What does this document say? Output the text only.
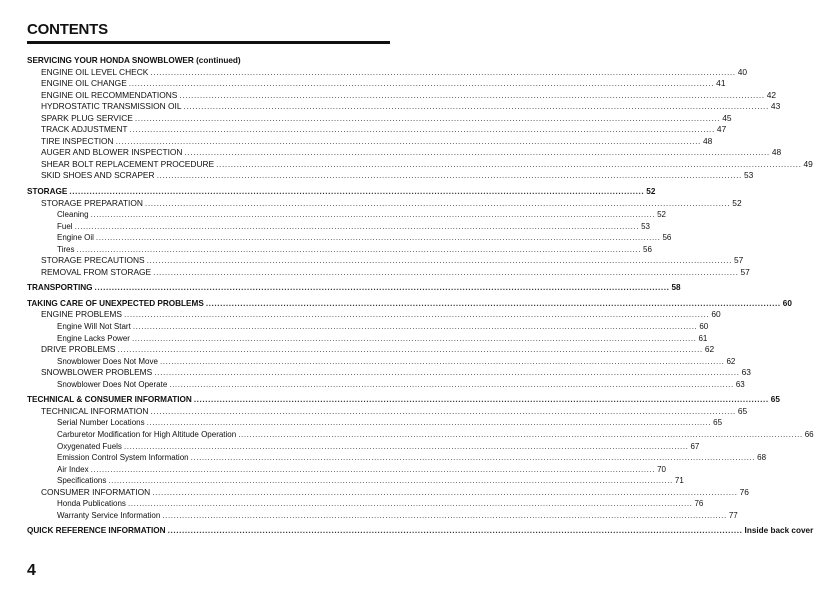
CONTENTS
SERVICING YOUR HONDA SNOWBLOWER (continued)
ENGINE OIL LEVEL CHECK ........................................................................................................................................................................................................ 40
ENGINE OIL CHANGE ........................................................................................................................................................................................................ 41
ENGINE OIL RECOMMENDATIONS ........................................................................................................................................................................................................ 42
HYDROSTATIC TRANSMISSION OIL ........................................................................................................................................................................................................ 43
SPARK PLUG SERVICE ........................................................................................................................................................................................................ 45
TRACK ADJUSTMENT ........................................................................................................................................................................................................ 47
TIRE INSPECTION ........................................................................................................................................................................................................ 48
AUGER AND BLOWER INSPECTION ........................................................................................................................................................................................................ 48
SHEAR BOLT REPLACEMENT PROCEDURE ........................................................................................................................................................................................................ 49
SKID SHOES AND SCRAPER ........................................................................................................................................................................................................ 53
STORAGE ........................................................................................................................................................................................................ 52
STORAGE PREPARATION ........................................................................................................................................................................................................ 52
Cleaning ........................................................................................................................................................................................................ 52
Fuel ........................................................................................................................................................................................................ 53
Engine Oil ........................................................................................................................................................................................................ 56
Tires ........................................................................................................................................................................................................ 56
STORAGE PRECAUTIONS ........................................................................................................................................................................................................ 57
REMOVAL FROM STORAGE ........................................................................................................................................................................................................ 57
TRANSPORTING ........................................................................................................................................................................................................ 58
TAKING CARE OF UNEXPECTED PROBLEMS ........................................................................................................................................................................................................ 60
ENGINE PROBLEMS ........................................................................................................................................................................................................ 60
Engine Will Not Start ........................................................................................................................................................................................................ 60
Engine Lacks Power ........................................................................................................................................................................................................ 61
DRIVE PROBLEMS ........................................................................................................................................................................................................ 62
Snowblower Does Not Move ........................................................................................................................................................................................................ 62
SNOWBLOWER PROBLEMS ........................................................................................................................................................................................................ 63
Snowblower Does Not Operate ........................................................................................................................................................................................................ 63
TECHNICAL & CONSUMER INFORMATION ........................................................................................................................................................................................................ 65
TECHNICAL INFORMATION ........................................................................................................................................................................................................ 65
Serial Number Locations ........................................................................................................................................................................................................ 65
Carburetor Modification for High Altitude Operation ........................................................................................................................................................................................................ 66
Oxygenated Fuels ........................................................................................................................................................................................................ 67
Emission Control System Information ........................................................................................................................................................................................................ 68
Air Index ........................................................................................................................................................................................................ 70
Specifications ........................................................................................................................................................................................................ 71
CONSUMER INFORMATION ........................................................................................................................................................................................................ 76
Honda Publications ........................................................................................................................................................................................................ 76
Warranty Service Information ........................................................................................................................................................................................................ 77
QUICK REFERENCE INFORMATION ........................................................................................................................................................................................................ Inside back cover
4
